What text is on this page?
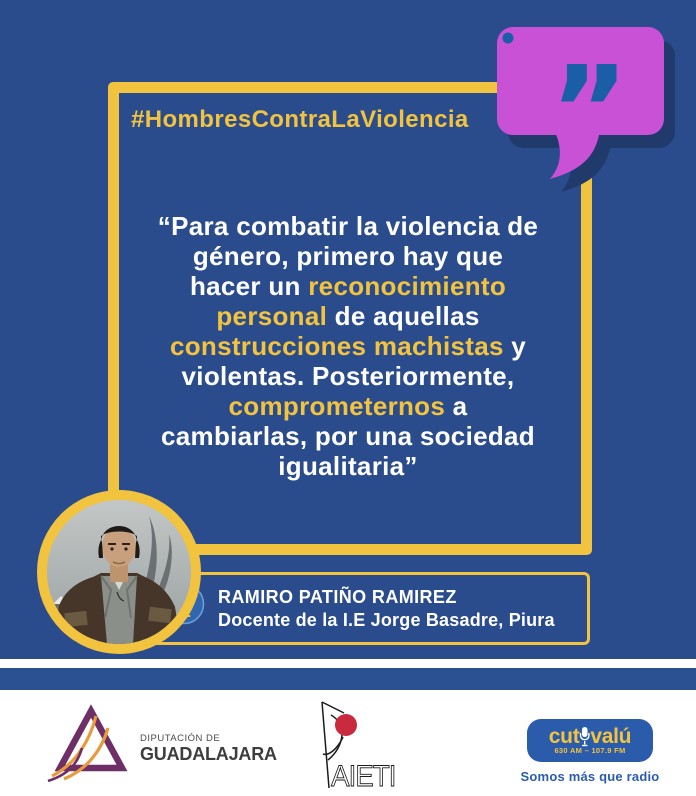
#HombresContraLaViolencia
“Para combatir la violencia de
género, primero hay que
hacer un reconocimiento
personal de aquellas
construcciones machistas y
violentas. Posteriormente,
comprometernos a
cambiarlas, por una sociedad
igualitaria”
”
RAMIRO PATIÑO RAMIREZ
Docente de la I.E Jorge Basadre, Piura
DIPUTACIÓN DE
GUADALAJARA
AIETI
cut valú
630 AM – 107.9 FM
Somos más que radio
